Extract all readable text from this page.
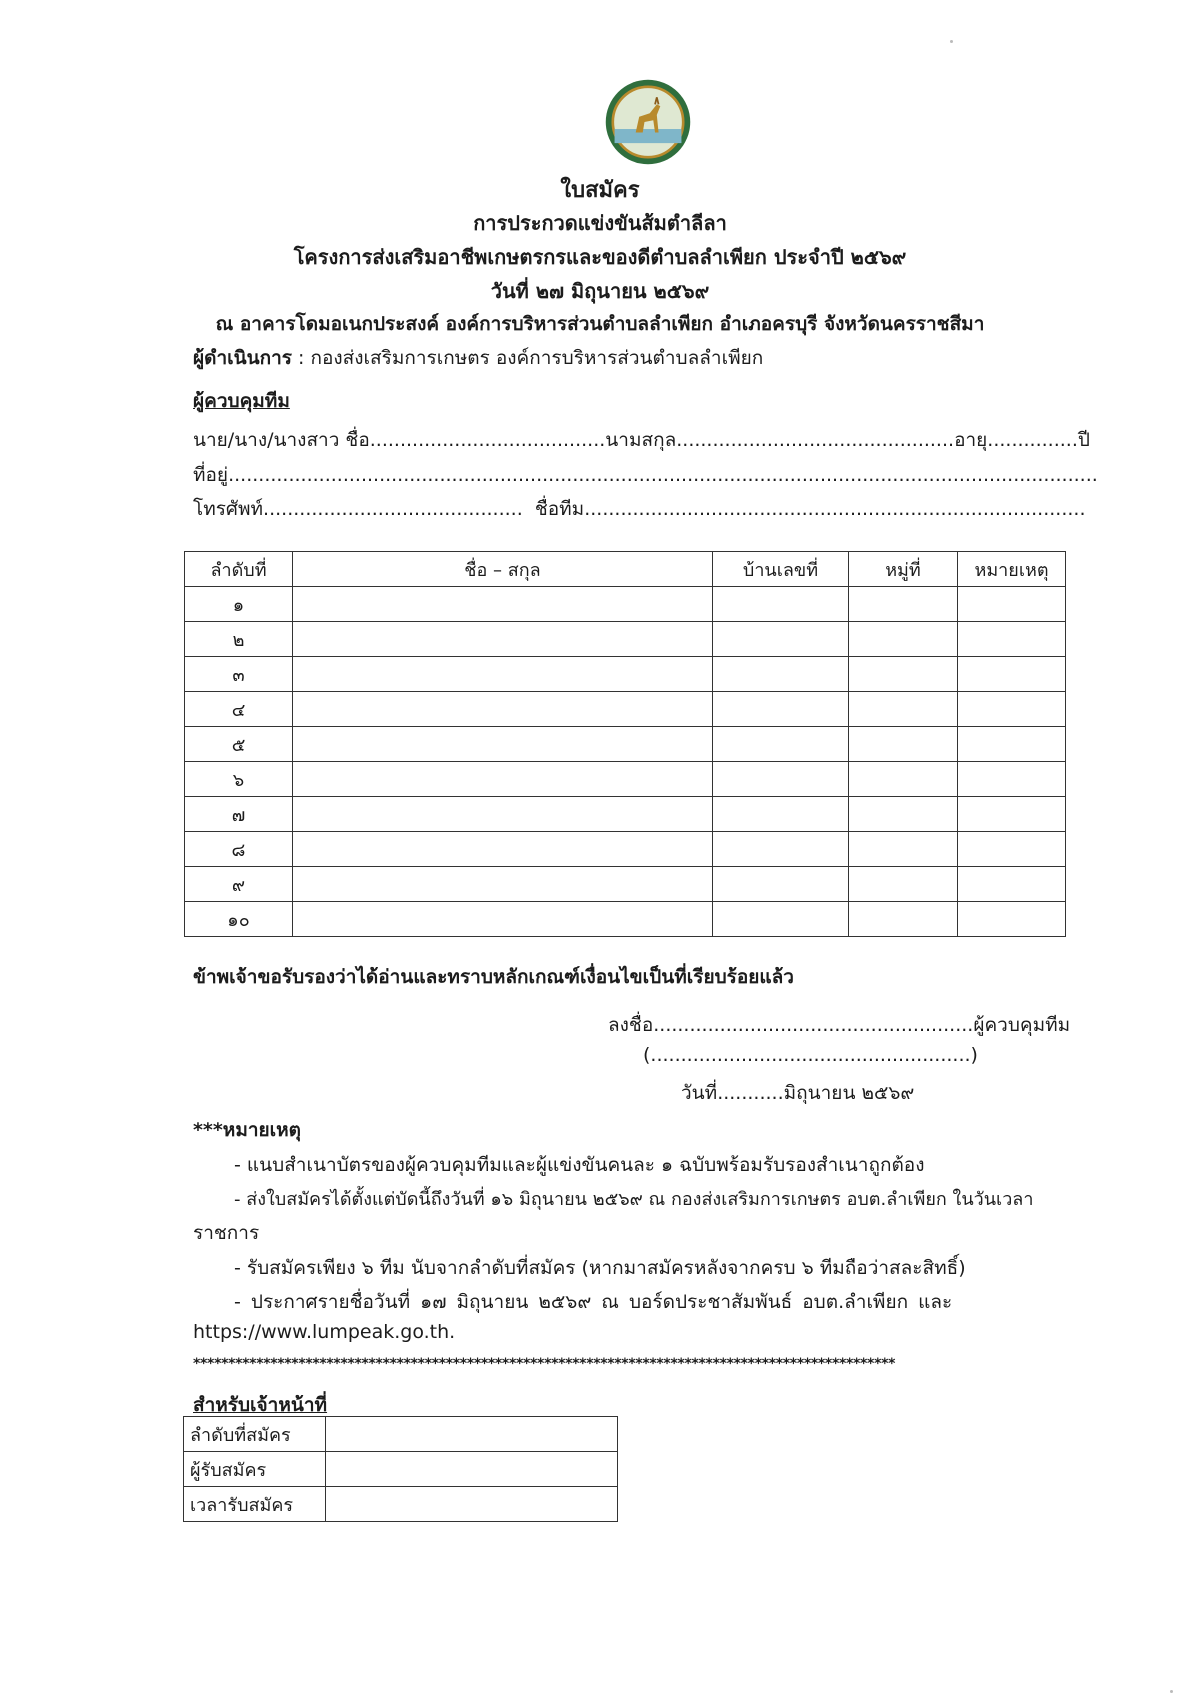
ใบสมัคร
การประกวดแข่งขันส้มตำลีลา
โครงการส่งเสริมอาชีพเกษตรกรและของดีตำบลลำเพียก ประจำปี ๒๕๖๙
วันที่ ๒๗ มิถุนายน ๒๕๖๙
ณ อาคารโดมอเนกประสงค์ องค์การบริหารส่วนตำบลลำเพียก อำเภอครบุรี จังหวัดนครราชสีมา
ผู้ดำเนินการ : กองส่งเสริมการเกษตร องค์การบริหารส่วนตำบลลำเพียก
ผู้ควบคุมทีม
นาย/นาง/นางสาว ชื่อ.......................................นามสกุล..............................................อายุ...............ปี
ที่อยู่................................................................................................................................................
โทรศัพท์........................................... ชื่อทีม...................................................................................
ลำดับที่	ชื่อ – สกุล	บ้านเลขที่	หมู่ที่	หมายเหตุ
๑				
๒				
๓				
๔				
๕				
๖				
๗				
๘				
๙				
๑๐				
ข้าพเจ้าขอรับรองว่าได้อ่านและทราบหลักเกณฑ์เงื่อนไขเป็นที่เรียบร้อยแล้ว
ลงชื่อ.....................................................ผู้ควบคุมทีม
(.....................................................)
วันที่...........มิถุนายน ๒๕๖๙
***หมายเหตุ
- แนบสำเนาบัตรของผู้ควบคุมทีมและผู้แข่งขันคนละ ๑ ฉบับพร้อมรับรองสำเนาถูกต้อง
- ส่งใบสมัครได้ตั้งแต่บัดนี้ถึงวันที่ ๑๖ มิถุนายน ๒๕๖๙ ณ กองส่งเสริมการเกษตร อบต.ลำเพียก ในวันเวลา
ราชการ
- รับสมัครเพียง ๖ ทีม นับจากลำดับที่สมัคร (หากมาสมัครหลังจากครบ ๖ ทีมถือว่าสละสิทธิ์)
- ประกาศรายชื่อวันที่ ๑๗ มิถุนายน ๒๕๖๙ ณ บอร์ดประชาสัมพันธ์ อบต.ลำเพียก และ
https://www.lumpeak.go.th.
****************************************************************************************************
สำหรับเจ้าหน้าที่
ลำดับที่สมัคร	
ผู้รับสมัคร	
เวลารับสมัคร	
